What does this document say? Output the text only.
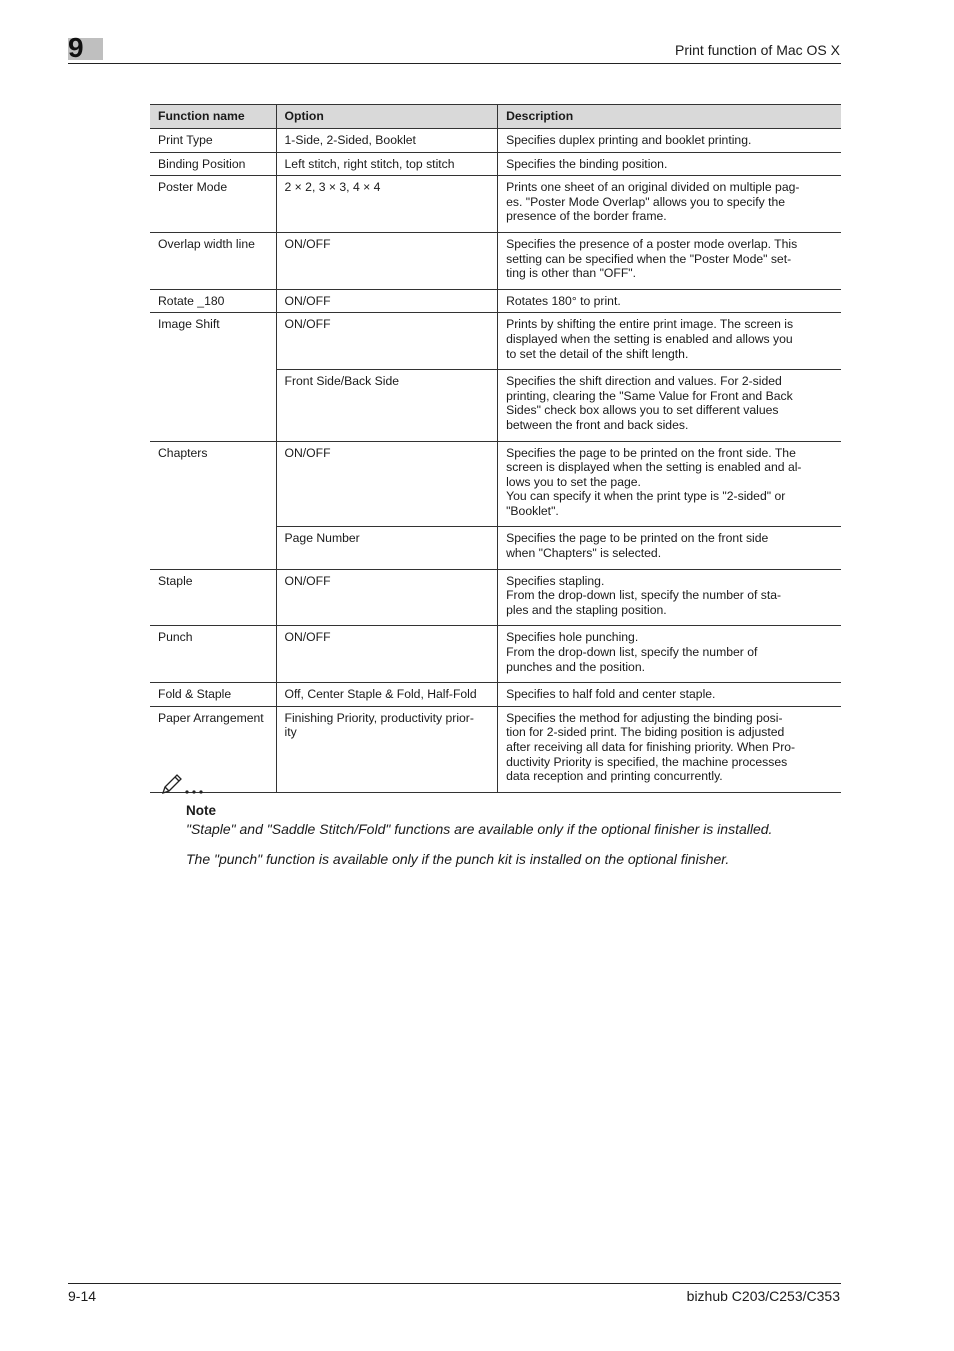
9	Print function of Mac OS X
Function name	Option	Description
Print Type	1-Side, 2-Sided, Booklet	Specifies duplex printing and booklet printing.

Binding Position	Left stitch, right stitch, top stitch	Specifies the binding position.

Poster Mode	2 × 2, 3 × 3, 4 × 4	Prints one sheet of an original divided on multiple pag-
es. "Poster Mode Overlap" allows you to specify the
presence of the border frame.

Overlap width line	ON/OFF	Specifies the presence of a poster mode overlap. This
setting can be specified when the "Poster Mode" set-
ting is other than "OFF".

Rotate _180	ON/OFF	Rotates 180° to print.

Image Shift	ON/OFF	Prints by shifting the entire print image. The screen is
displayed when the setting is enabled and allows you
to set the detail of the shift length.

	Front Side/Back Side	Specifies the shift direction and values. For 2-sided
printing, clearing the "Same Value for Front and Back
Sides" check box allows you to set different values
between the front and back sides.

Chapters	ON/OFF	Specifies the page to be printed on the front side. The
screen is displayed when the setting is enabled and al-
lows you to set the page.
You can specify it when the print type is "2-sided" or
"Booklet".

	Page Number	Specifies the page to be printed on the front side
when "Chapters" is selected.

Staple	ON/OFF	Specifies stapling.
From the drop-down list, specify the number of sta-
ples and the stapling position.

Punch	ON/OFF	Specifies hole punching.
From the drop-down list, specify the number of
punches and the position.

Fold & Staple	Off, Center Staple & Fold, Half-Fold	Specifies to half fold and center staple.

Paper Arrangement	Finishing Priority, productivity prior-
ity	Specifies the method for adjusting the binding posi-
tion for 2-sided print. The biding position is adjusted
after receiving all data for finishing priority. When Pro-
ductivity Priority is specified, the machine processes
data reception and printing concurrently.
Note
"Staple" and "Saddle Stitch/Fold" functions are available only if the optional finisher is installed.
The "punch" function is available only if the punch kit is installed on the optional finisher.
9-14	bizhub C203/C253/C353
